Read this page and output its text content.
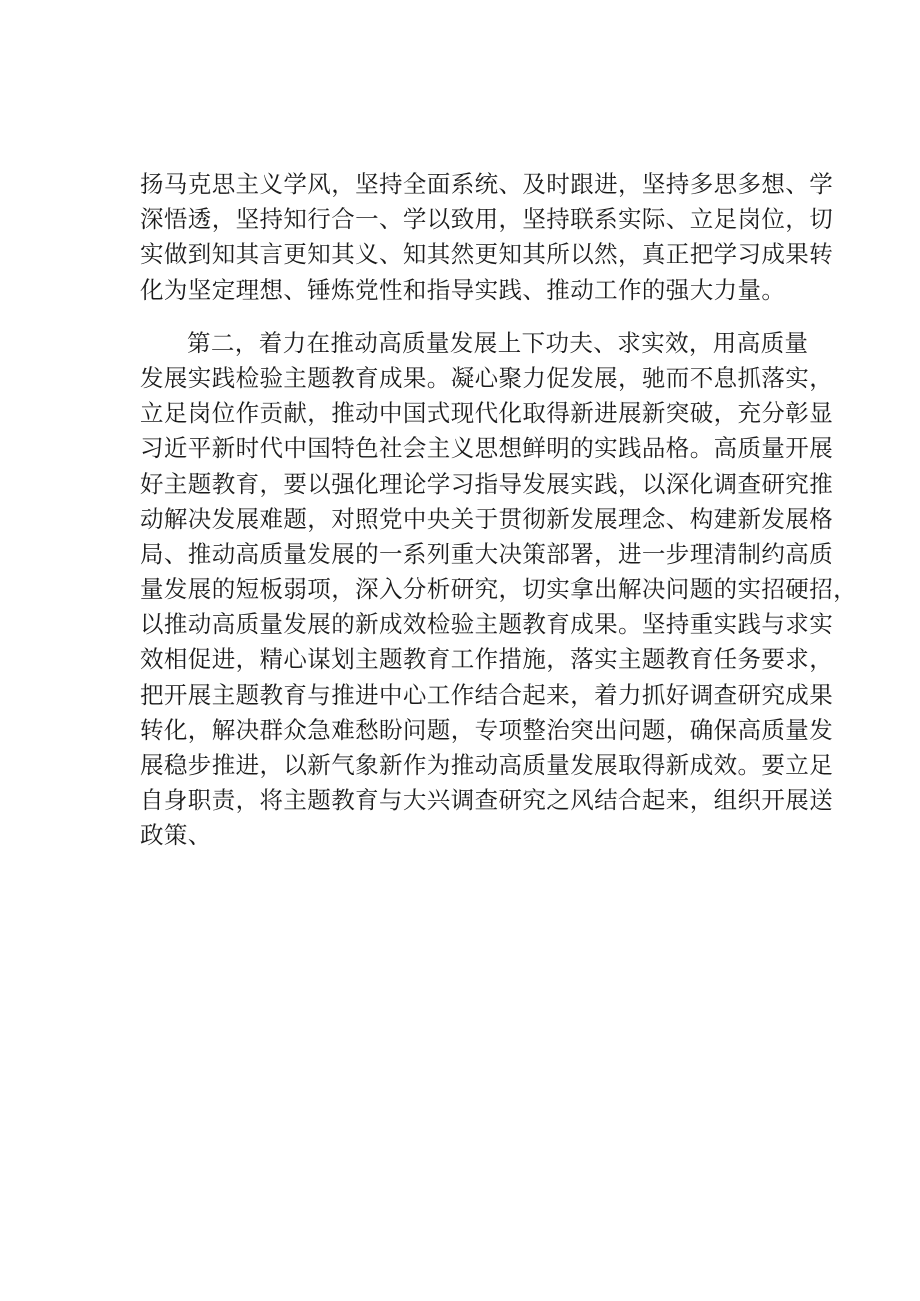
扬马克思主义学风，坚持全面系统、及时跟进，坚持多思多想、学
深悟透，坚持知行合一、学以致用，坚持联系实际、立足岗位，切
实做到知其言更知其义、知其然更知其所以然，真正把学习成果转
化为坚定理想、锤炼党性和指导实践、推动工作的强大力量。
第二，着力在推动高质量发展上下功夫、求实效，用高质量
发展实践检验主题教育成果。凝心聚力促发展，驰而不息抓落实，
立足岗位作贡献，推动中国式现代化取得新进展新突破，充分彰显
习近平新时代中国特色社会主义思想鲜明的实践品格。高质量开展
好主题教育，要以强化理论学习指导发展实践，以深化调查研究推
动解决发展难题，对照党中央关于贯彻新发展理念、构建新发展格
局、推动高质量发展的一系列重大决策部署，进一步理清制约高质
量发展的短板弱项，深入分析研究，切实拿出解决问题的实招硬招，
以推动高质量发展的新成效检验主题教育成果。坚持重实践与求实
效相促进，精心谋划主题教育工作措施，落实主题教育任务要求，
把开展主题教育与推进中心工作结合起来，着力抓好调查研究成果
转化，解决群众急难愁盼问题，专项整治突出问题，确保高质量发
展稳步推进，以新气象新作为推动高质量发展取得新成效。要立足
自身职责，将主题教育与大兴调查研究之风结合起来，组织开展送
政策、
